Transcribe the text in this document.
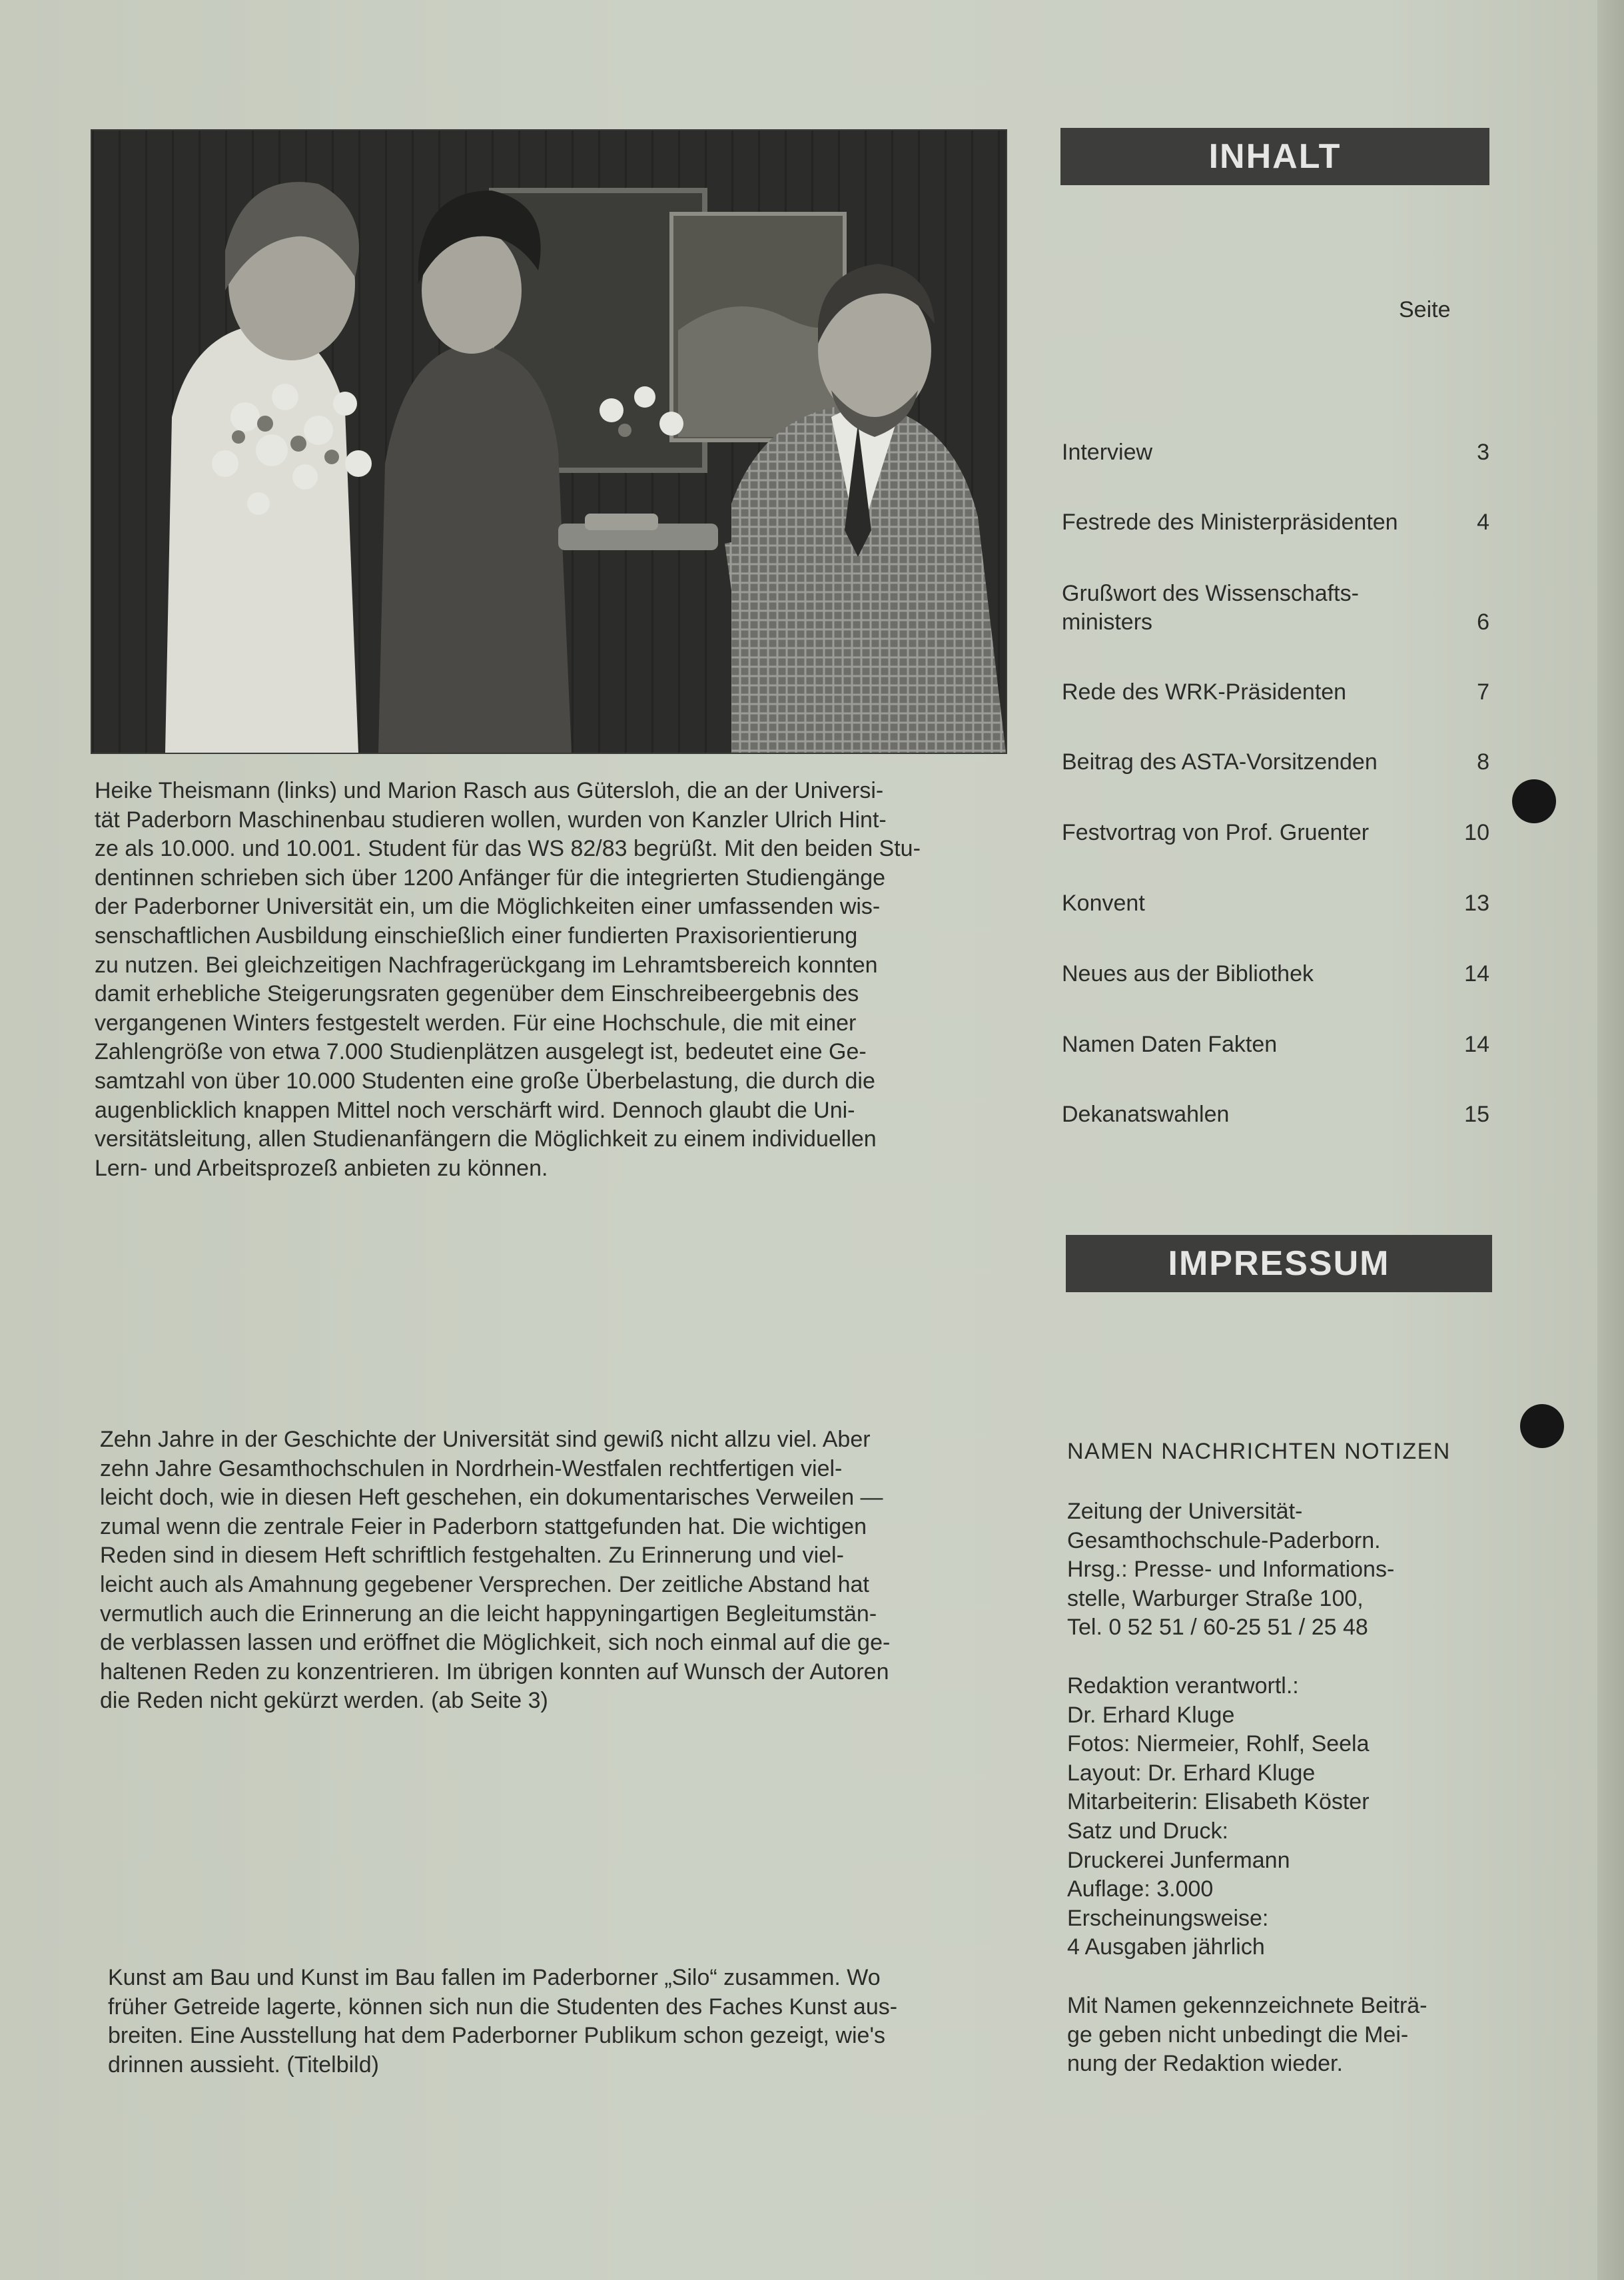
Heike Theismann (links) und Marion Rasch aus Gütersloh, die an der Universi-
tät Paderborn Maschinenbau studieren wollen, wurden von Kanzler Ulrich Hint-
ze als 10.000. und 10.001. Student für das WS 82/83 begrüßt. Mit den beiden Stu-
dentinnen schrieben sich über 1200 Anfänger für die integrierten Studiengänge
der Paderborner Universität ein, um die Möglichkeiten einer umfassenden wis-
senschaftlichen Ausbildung einschießlich einer fundierten Praxisorientierung
zu nutzen. Bei gleichzeitigen Nachfragerückgang im Lehramtsbereich konnten
damit erhebliche Steigerungsraten gegenüber dem Einschreibeergebnis des
vergangenen Winters festgestelt werden. Für eine Hochschule, die mit einer
Zahlengröße von etwa 7.000 Studienplätzen ausgelegt ist, bedeutet eine Ge-
samtzahl von über 10.000 Studenten eine große Überbelastung, die durch die
augenblicklich knappen Mittel noch verschärft wird. Dennoch glaubt die Uni-
versitätsleitung, allen Studienanfängern die Möglichkeit zu einem individuellen
Lern- und Arbeitsprozeß anbieten zu können.
Zehn Jahre in der Geschichte der Universität sind gewiß nicht allzu viel. Aber
zehn Jahre Gesamthochschulen in Nordrhein-Westfalen rechtfertigen viel-
leicht doch, wie in diesen Heft geschehen, ein dokumentarisches Verweilen —
zumal wenn die zentrale Feier in Paderborn stattgefunden hat. Die wichtigen
Reden sind in diesem Heft schriftlich festgehalten. Zu Erinnerung und viel-
leicht auch als Amahnung gegebener Versprechen. Der zeitliche Abstand hat
vermutlich auch die Erinnerung an die leicht happyningartigen Begleitumstän-
de verblassen lassen und eröffnet die Möglichkeit, sich noch einmal auf die ge-
haltenen Reden zu konzentrieren. Im übrigen konnten auf Wunsch der Autoren
die Reden nicht gekürzt werden. (ab Seite 3)
Kunst am Bau und Kunst im Bau fallen im Paderborner „Silo“ zusammen. Wo
früher Getreide lagerte, können sich nun die Studenten des Faches Kunst aus-
breiten. Eine Ausstellung hat dem Paderborner Publikum schon gezeigt, wie's
drinnen aussieht. (Titelbild)
INHALT
Seite
Interview	3
Festrede des Ministerpräsidenten	4
Grußwort des Wissenschafts-
ministers	6
Rede des WRK-Präsidenten	7
Beitrag des ASTA-Vorsitzenden	8
Festvortrag von Prof. Gruenter	10
Konvent	13
Neues aus der Bibliothek	14
Namen Daten Fakten	14
Dekanatswahlen	15
IMPRESSUM
NAMEN NACHRICHTEN NOTIZEN
Zeitung der Universität-
Gesamthochschule-Paderborn.
Hrsg.: Presse- und Informations-
stelle, Warburger Straße 100,
Tel. 0 52 51 / 60-25 51 / 25 48
Redaktion verantwortl.:
Dr. Erhard Kluge
Fotos: Niermeier, Rohlf, Seela
Layout: Dr. Erhard Kluge
Mitarbeiterin: Elisabeth Köster
Satz und Druck:
Druckerei Junfermann
Auflage: 3.000
Erscheinungsweise:
4 Ausgaben jährlich
Mit Namen gekennzeichnete Beiträ-
ge geben nicht unbedingt die Mei-
nung der Redaktion wieder.
